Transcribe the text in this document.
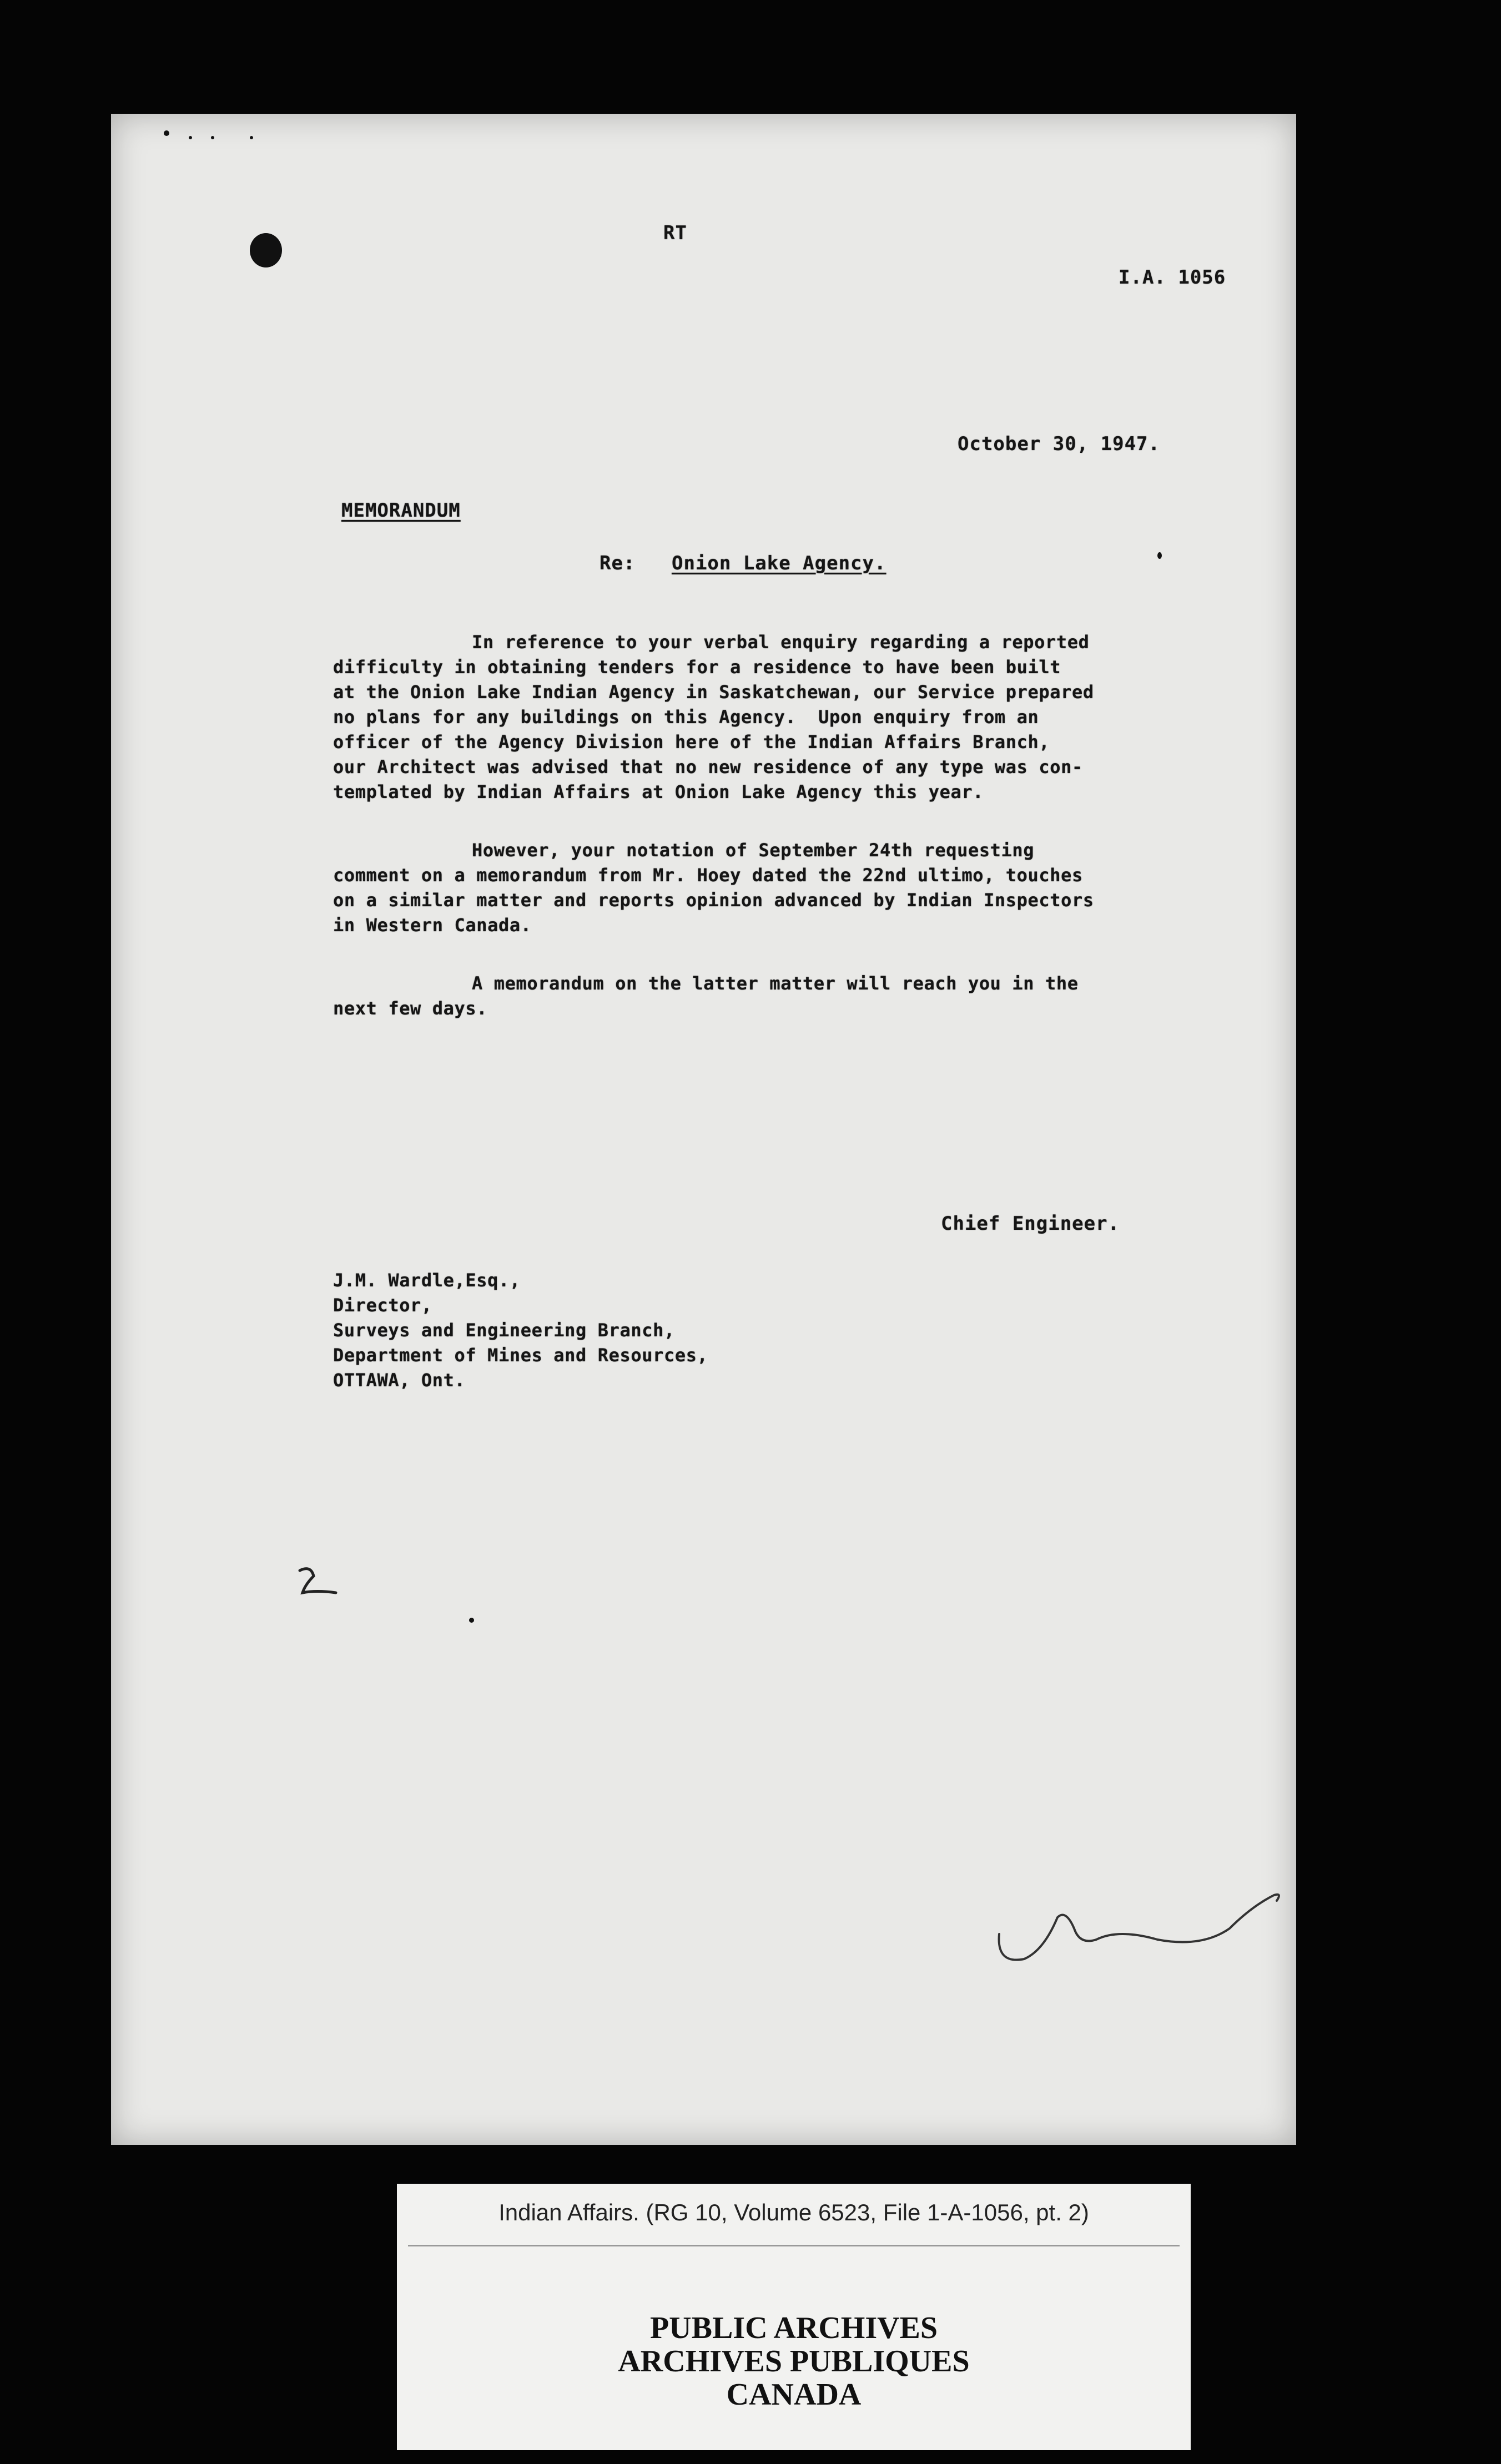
RT
I.A. 1056
October 30, 1947.
MEMORANDUM
Re: Onion Lake Agency.
In reference to your verbal enquiry regarding a reported
difficulty in obtaining tenders for a residence to have been built
at the Onion Lake Indian Agency in Saskatchewan, our Service prepared
no plans for any buildings on this Agency.  Upon enquiry from an
officer of the Agency Division here of the Indian Affairs Branch,
our Architect was advised that no new residence of any type was con-
templated by Indian Affairs at Onion Lake Agency this year.
However, your notation of September 24th requesting
comment on a memorandum from Mr. Hoey dated the 22nd ultimo, touches
on a similar matter and reports opinion advanced by Indian Inspectors
in Western Canada.
A memorandum on the latter matter will reach you in the
next few days.
Chief Engineer.
J.M. Wardle,Esq.,
Director,
Surveys and Engineering Branch,
Department of Mines and Resources,
OTTAWA, Ont.
Indian Affairs. (RG 10, Volume 6523, File 1-A-1056, pt. 2)
PUBLIC ARCHIVES
ARCHIVES PUBLIQUES
CANADA
